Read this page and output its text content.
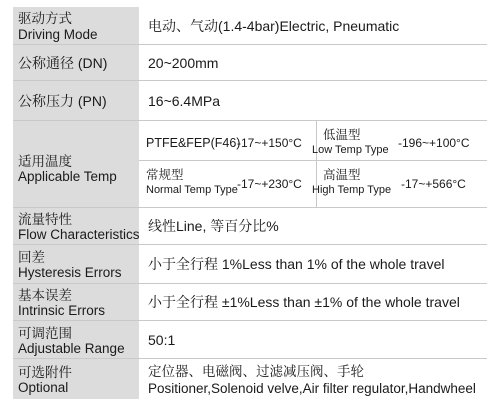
驱动方式
Driving Mode
电动、气动(1.4-4bar)Electric, Pneumatic
公称通径 (DN)	20~200mm
公称压力 (PN)	16~6.4MPa
适用温度
Applicable Temp
PTFE&FEP(F46)
-17~+150°C
低温型
Low Temp Type -196~+100°C
常规型
Normal Temp Type -17~+230°C
高温型
High Temp Type -17~+566°C
流量特性
Flow Characteristics
线性Line, 等百分比%
回差
Hysteresis Errors
小于全行程 1%Less than 1% of the whole travel
基本误差
Intrinsic Errors
小于全行程 ±1%Less than ±1% of the whole travel
可调范围
Adjustable Range
50:1
可选附件
Optional
定位器、电磁阀、过滤减压阀、手轮
Positioner,Solenoid velve,Air filter regulator,Handwheel
